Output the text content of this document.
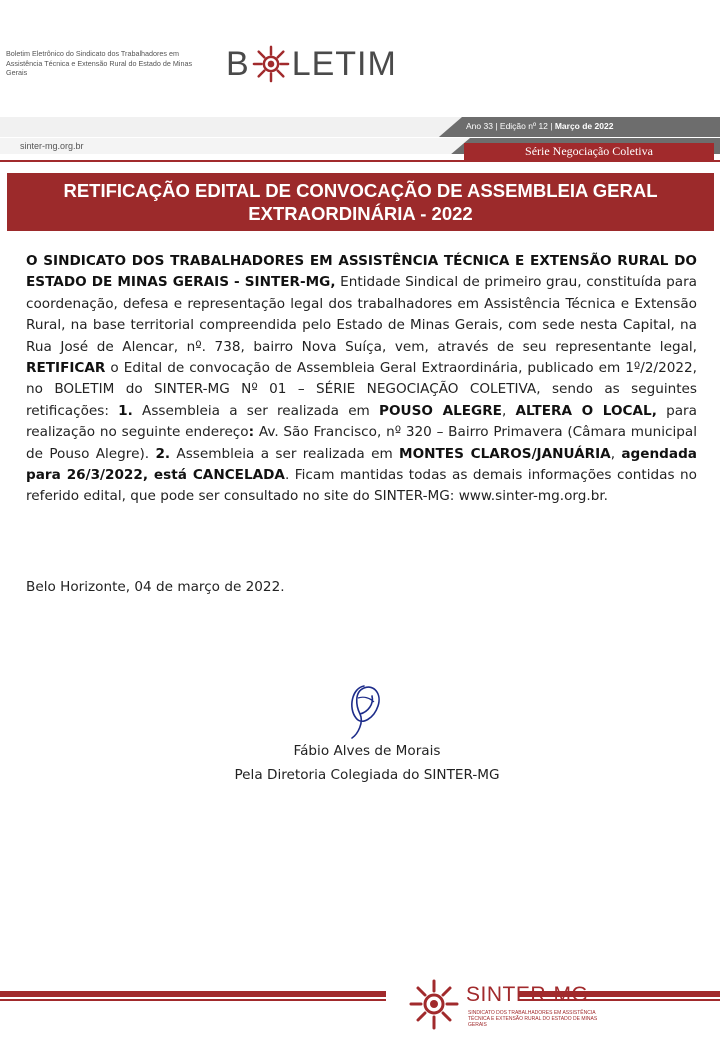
Boletim Eletrônico do Sindicato dos Trabalhadores em Assistência Técnica e Extensão Rural do Estado de Minas Gerais	B LETIM
Ano 33 | Edição nº 12 | Março de 2022
sinter-mg.org.br	Série Negociação Coletiva
RETIFICAÇÃO EDITAL DE CONVOCAÇÃO DE ASSEMBLEIA GERAL EXTRAORDINÁRIA - 2022
O SINDICATO DOS TRABALHADORES EM ASSISTÊNCIA TÉCNICA E EXTENSÃO RURAL DO ESTADO DE MINAS GERAIS - SINTER-MG, Entidade Sindical de primeiro grau, constituída para coordenação, defesa e representação legal dos trabalhadores em Assistência Técnica e Extensão Rural, na base territorial compreendida pelo Estado de Minas Gerais, com sede nesta Capital, na Rua José de Alencar, nº. 738, bairro Nova Suíça, vem, através de seu representante legal, RETIFICAR o Edital de convocação de Assembleia Geral Extraordinária, publicado em 1º/2/2022, no BOLETIM do SINTER-MG Nº 01 – SÉRIE NEGOCIAÇÃO COLETIVA, sendo as seguintes retificações: 1. Assembleia a ser realizada em POUSO ALEGRE, ALTERA O LOCAL, para realização no seguinte endereço: Av. São Francisco, nº 320 – Bairro Primavera (Câmara municipal de Pouso Alegre). 2. Assembleia a ser realizada em MONTES CLAROS/JANUÁRIA, agendada para 26/3/2022, está CANCELADA. Ficam mantidas todas as demais informações contidas no referido edital, que pode ser consultado no site do SINTER-MG: www.sinter-mg.org.br.
Belo Horizonte, 04 de março de 2022.
Fábio Alves de Morais
Pela Diretoria Colegiada do SINTER-MG
SINTER-MG
SINDICATO DOS TRABALHADORES EM ASSISTÊNCIA TÉCNICA E EXTENSÃO RURAL DO ESTADO DE MINAS GERAIS
